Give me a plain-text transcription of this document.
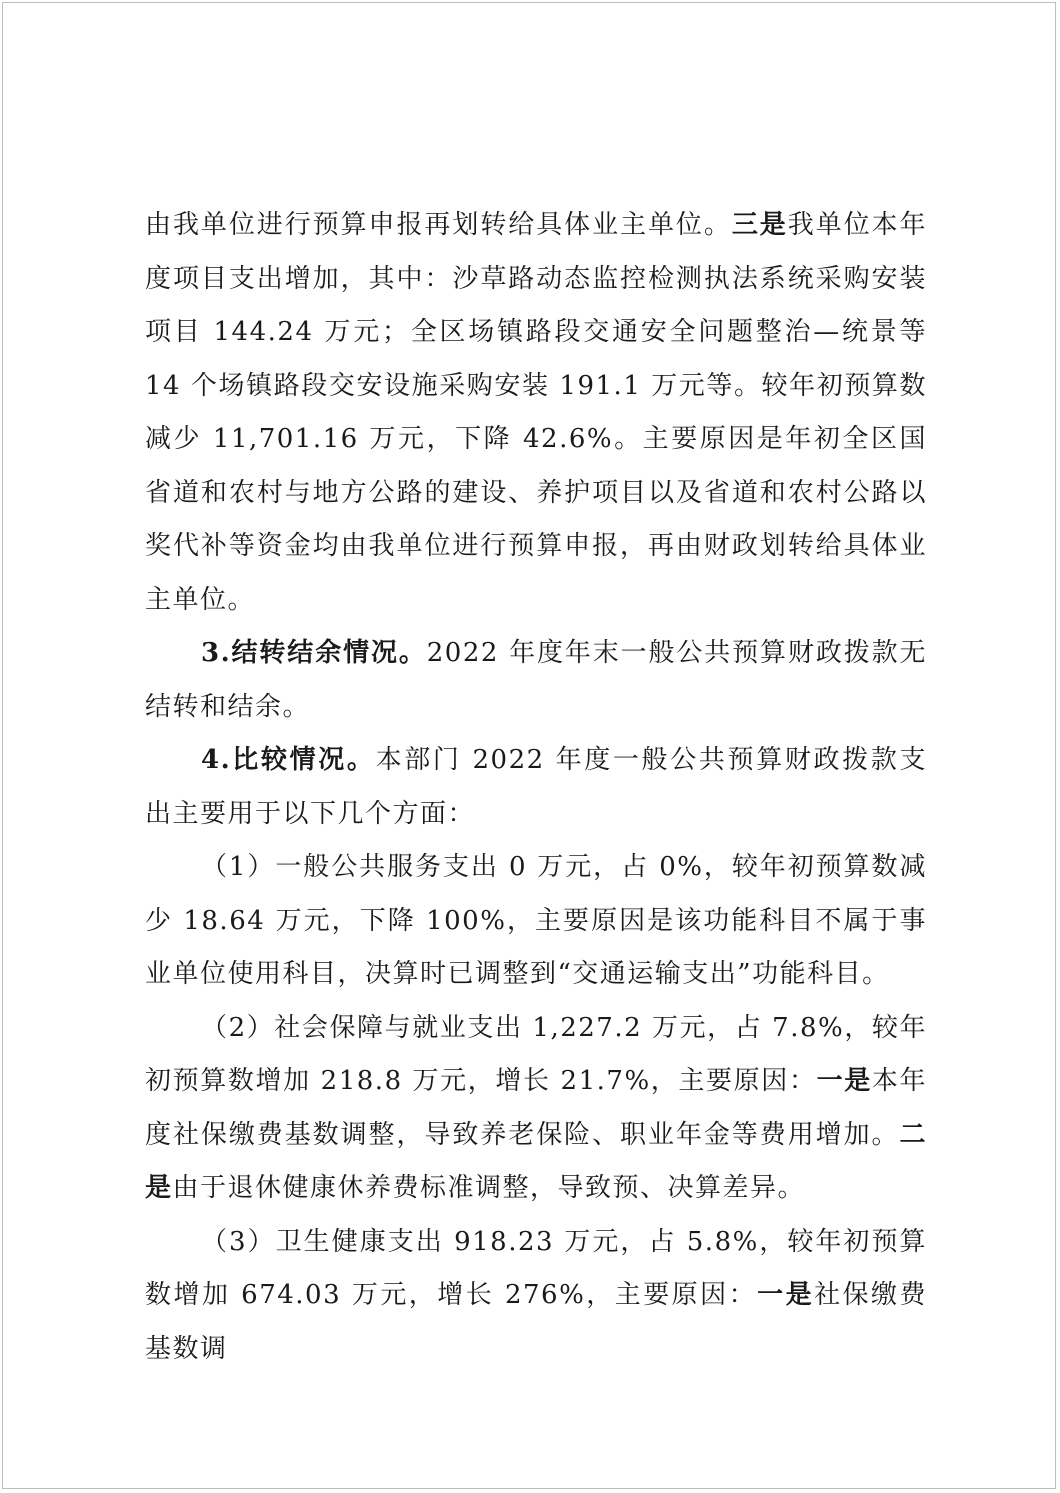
由我单位进行预算申报再划转给具体业主单位。三是我单位本年度项目支出增加，其中：沙草路动态监控检测执法系统采购安装项目 144.24 万元；全区场镇路段交通安全问题整治—统景等 14 个场镇路段交安设施采购安装 191.1 万元等。较年初预算数减少 11,701.16 万元，下降 42.6%。主要原因是年初全区国省道和农村与地方公路的建设、养护项目以及省道和农村公路以奖代补等资金均由我单位进行预算申报，再由财政划转给具体业主单位。

3.结转结余情况。2022 年度年末一般公共预算财政拨款无结转和结余。

4.比较情况。本部门 2022 年度一般公共预算财政拨款支出主要用于以下几个方面：

（1）一般公共服务支出 0 万元，占 0%，较年初预算数减少 18.64 万元，下降 100%，主要原因是该功能科目不属于事业单位使用科目，决算时已调整到“交通运输支出”功能科目。

（2）社会保障与就业支出 1,227.2 万元，占 7.8%，较年初预算数增加 218.8 万元，增长 21.7%，主要原因：一是本年度社保缴费基数调整，导致养老保险、职业年金等费用增加。二是由于退休健康休养费标准调整，导致预、决算差异。

（3）卫生健康支出 918.23 万元，占 5.8%，较年初预算数增加 674.03 万元，增长 276%，主要原因：一是社保缴费基数调
